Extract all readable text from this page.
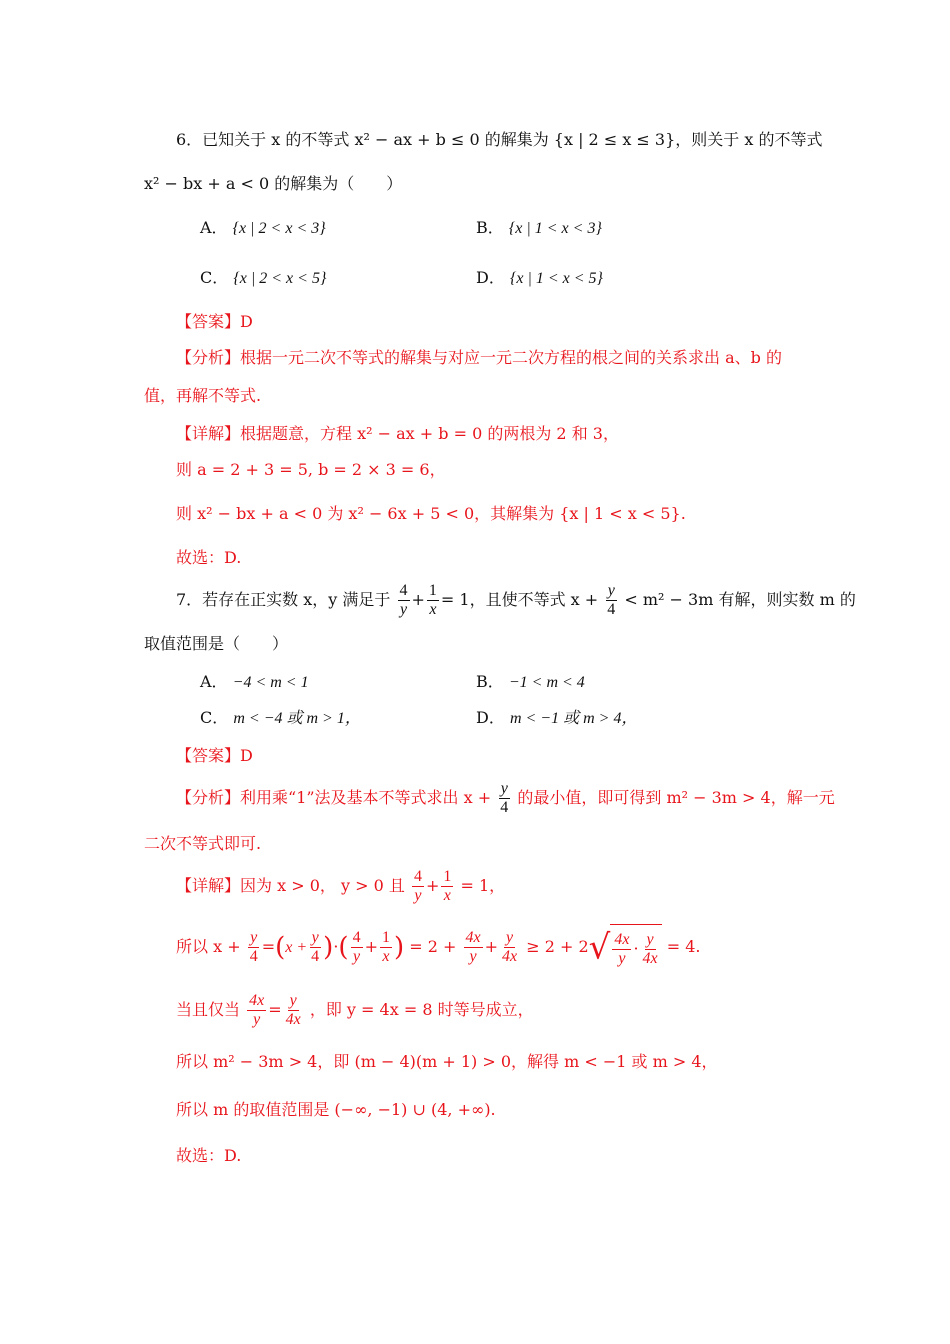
6．已知关于 x 的不等式 x² − ax + b ≤ 0 的解集为 {x | 2 ≤ x ≤ 3}，则关于 x 的不等式
x² − bx + a < 0 的解集为（　　）
A． {x | 2 < x < 3}	B． {x | 1 < x < 3}
C． {x | 2 < x < 5}	D． {x | 1 < x < 5}
【答案】D
【分析】根据一元二次不等式的解集与对应一元二次方程的根之间的关系求出 a、b 的
值，再解不等式.
【详解】根据题意，方程 x² − ax + b = 0 的两根为 2 和 3，
则 a = 2 + 3 = 5, b = 2 × 3 = 6，
则 x² − bx + a < 0 为 x² − 6x + 5 < 0，其解集为 {x | 1 < x < 5}.
故选：D.
7．若存在正实数 x，y 满足于 $\frac{4}{y} + \frac{1}{x} = 1$，且使不等式 $x + \frac{y}{4} < m^2 - 3m$ 有解，则实数 m 的
取值范围是（　　）
A． −4 < m < 1	B． −1 < m < 4
C． m < −4 或 m > 1，	D． m < −1 或 m > 4，
【答案】D
【分析】利用乘“1”法及基本不等式求出 $x + \frac{y}{4}$ 的最小值，即可得到 m² − 3m > 4，解一元
二次不等式即可.
【详解】因为 x > 0， y > 0 且 $\frac{4}{y} + \frac{1}{x} = 1$，
所以 $x + \frac{y}{4} =(x + \frac{y}{4}$ )·( $\frac{4}{y} + \frac{1}{x}$ ) = $2 + \frac{4x}{y} + \frac{y}{4x} \ge 2 + 2√ \frac{4x}{y} \cdot \frac{y}{4x} = 4$.
当且仅当 $\frac{4x}{y} = \frac{y}{4x}$ ，即 y = 4x = 8 时等号成立，
所以 m² − 3m > 4，即 (m − 4)(m + 1) > 0，解得 m < −1 或 m > 4，
所以 m 的取值范围是 (−∞, −1) ∪ (4, +∞).
故选：D.
